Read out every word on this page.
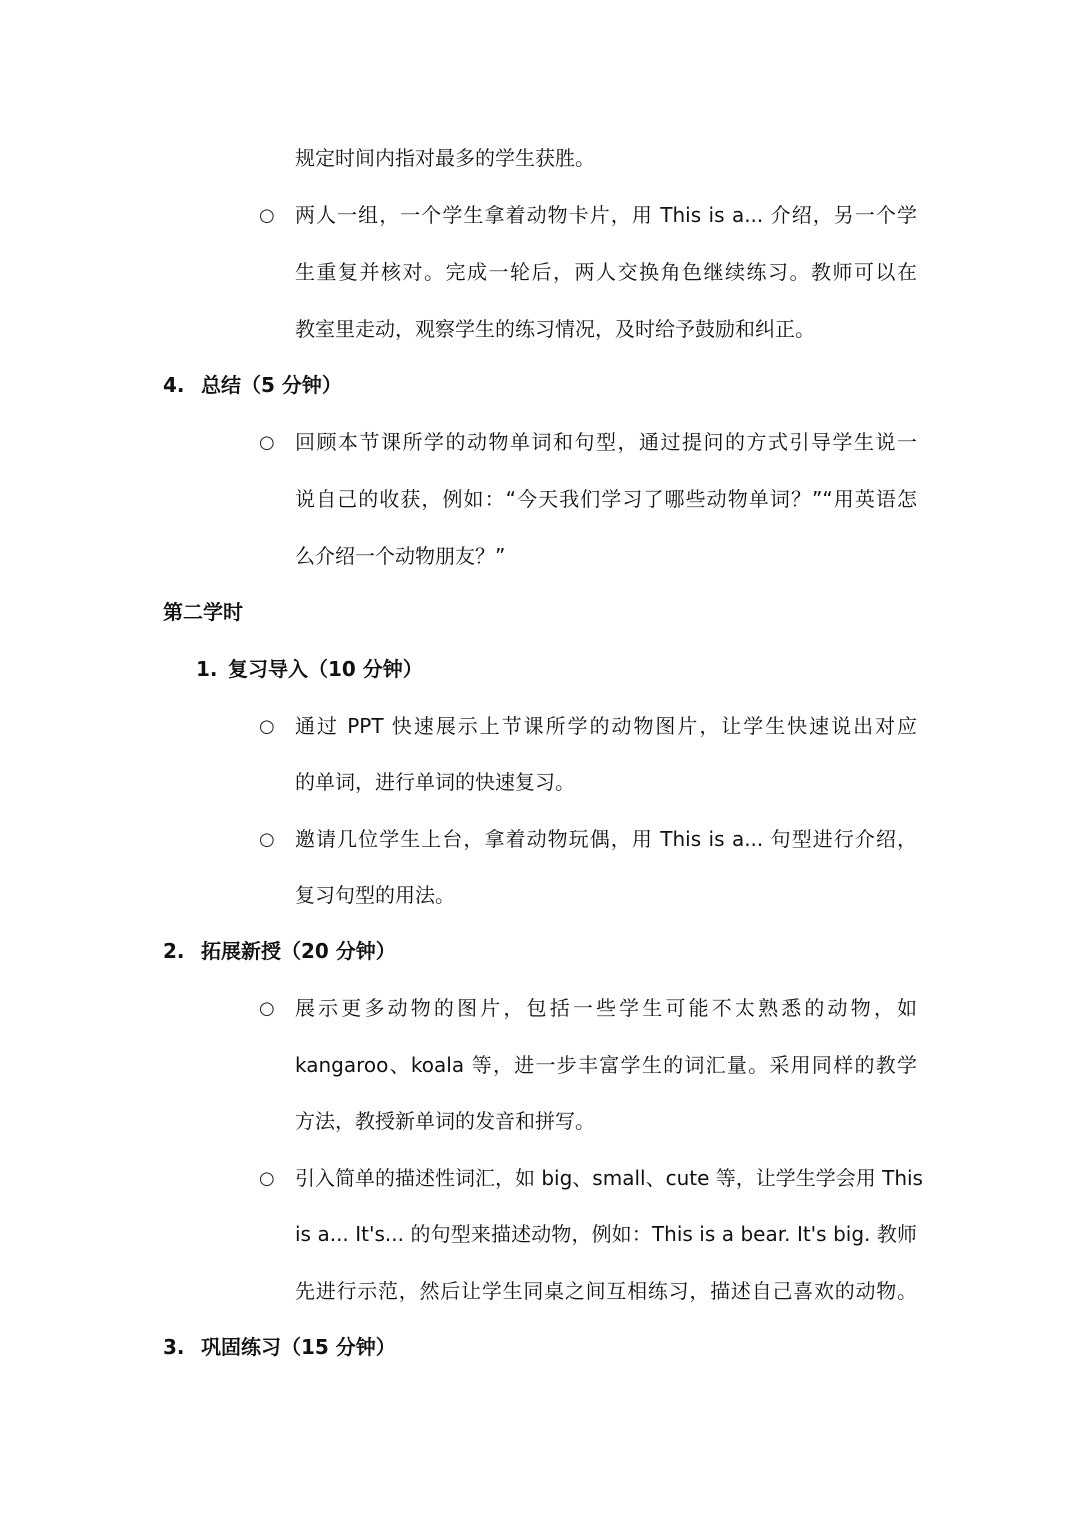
规定时间内指对最多的学生获胜。
○ 两人一组，一个学生拿着动物卡片，用 This is a... 介绍，另一个学
生重复并核对。完成一轮后，两人交换角色继续练习。教师可以在
教室里走动，观察学生的练习情况，及时给予鼓励和纠正。
4. 总结（5 分钟）
○ 回顾本节课所学的动物单词和句型，通过提问的方式引导学生说一
说自己的收获，例如：“今天我们学习了哪些动物单词？”“用英语怎
么介绍一个动物朋友？”
第二学时
1. 复习导入（10 分钟）
○ 通过 PPT 快速展示上节课所学的动物图片，让学生快速说出对应
的单词，进行单词的快速复习。
○ 邀请几位学生上台，拿着动物玩偶，用 This is a... 句型进行介绍，
复习句型的用法。
2. 拓展新授（20 分钟）
○ 展示更多动物的图片，包括一些学生可能不太熟悉的动物，如
kangaroo、koala 等，进一步丰富学生的词汇量。采用同样的教学
方法，教授新单词的发音和拼写。
○ 引入简单的描述性词汇，如 big、small、cute 等，让学生学会用 This
is a... It's... 的句型来描述动物，例如：This is a bear. It's big. 教师
先进行示范，然后让学生同桌之间互相练习，描述自己喜欢的动物。
3. 巩固练习（15 分钟）
